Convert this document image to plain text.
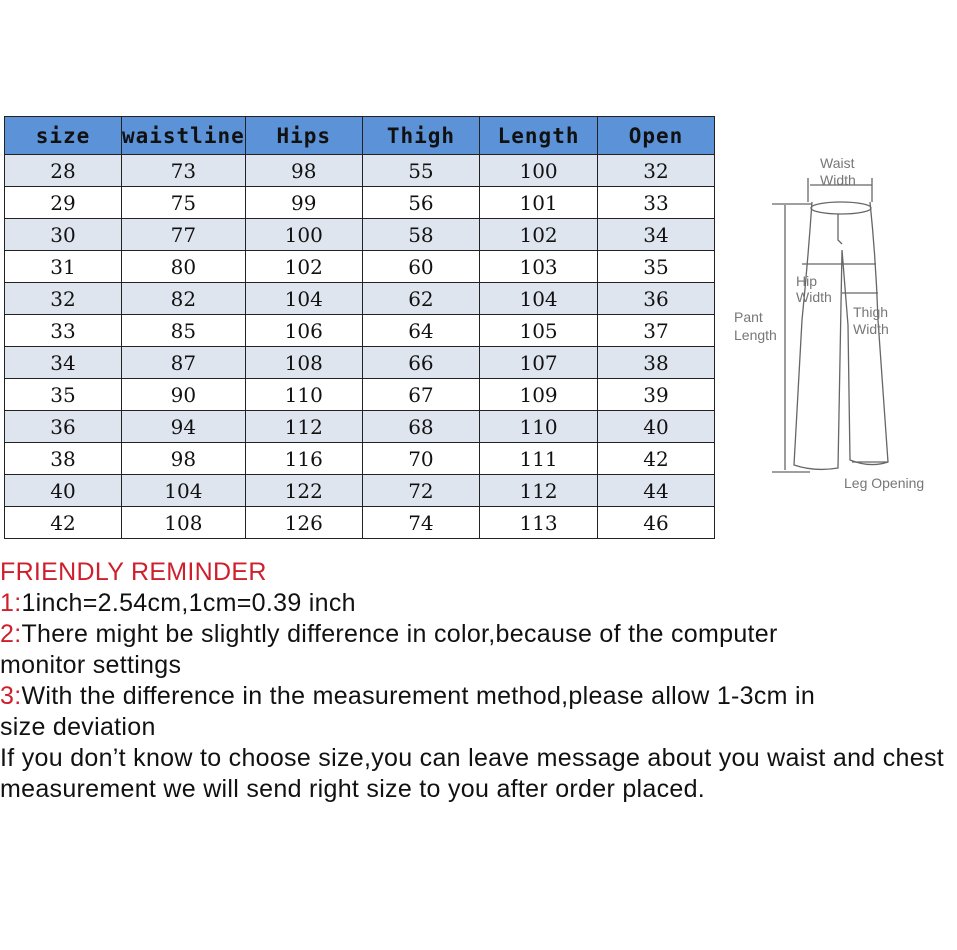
size	waistline	Hips	Thigh	Length	Open
28	73	98	55	100	32
29	75	99	56	101	33
30	77	100	58	102	34
31	80	102	60	103	35
32	82	104	62	104	36
33	85	106	64	105	37
34	87	108	66	107	38
35	90	110	67	109	39
36	94	112	68	110	40
38	98	116	70	111	42
40	104	122	72	112	44
42	108	126	74	113	46
Waist
Width
Hip
Width
Thigh
Width
Pant
Length
Leg Opening
FRIENDLY REMINDER
1:1inch=2.54cm,1cm=0.39 inch
2:There might be slightly difference in color,because of the computer monitor settings
3:With the difference in the measurement method,please allow 1-3cm in size deviation
If you don’t know to choose size,you can leave message about you waist and chest measurement we will send right size to you after order placed.
